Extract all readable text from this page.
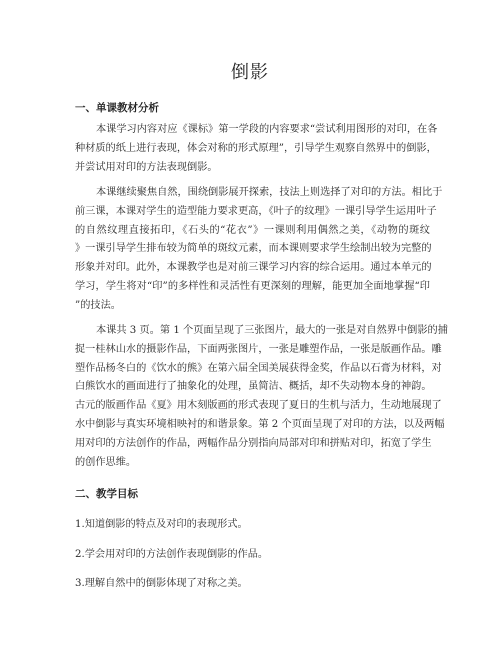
倒影
一、单课教材分析
本课学习内容对应《课标》第一学段的内容要求“尝试利用图形的对印，在各
种材质的纸上进行表现，体会对称的形式原理”，引导学生观察自然界中的倒影，
并尝试用对印的方法表现倒影。
本课继续聚焦自然，围绕倒影展开探索，技法上则选择了对印的方法。相比于
前三课，本课对学生的造型能力要求更高，《叶子的纹理》一课引导学生运用叶子
的自然纹理直接拓印，《石头的“花衣”》一课则利用偶然之美，《动物的斑纹
》一课引导学生排布较为简单的斑纹元素，而本课则要求学生绘制出较为完整的
形象并对印。此外，本课教学也是对前三课学习内容的综合运用。通过本单元的
学习，学生将对“印”的多样性和灵活性有更深刻的理解，能更加全面地掌握“印
”的技法。
本课共 3 页。第 1 个页面呈现了三张图片，最大的一张是对自然界中倒影的捕
捉一桂林山水的摄影作品，下面两张图片，一张是雕塑作品，一张是版画作品。雕
塑作品杨冬白的《饮水的熊》在第六届全国美展获得金奖，作品以石膏为材料，对
白熊饮水的画面进行了抽象化的处理，虽简洁、概括，却不失动物本身的神韵。
古元的版画作品《夏》用木刻版画的形式表现了夏日的生机与活力，生动地展现了
水中倒影与真实环境相映衬的和谐景象。第 2 个页面呈现了对印的方法，以及两幅
用对印的方法创作的作品，两幅作品分别指向局部对印和拼贴对印，拓宽了学生
的创作思维。
二、教学目标
1.知道倒影的特点及对印的表现形式。
2.学会用对印的方法创作表现倒影的作品。
3.理解自然中的倒影体现了对称之美。
